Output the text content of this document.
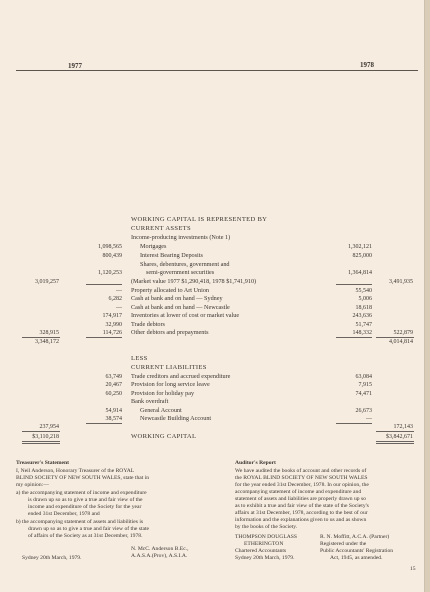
1977	1978
WORKING CAPITAL IS REPRESENTED BY
CURRENT ASSETS
Income-producing investments (Note 1)
Mortgages
Interest Bearing Deposits
Shares, debentures, government and
semi-government securities
(Market value 1977 $1,290,418, 1978 $1,741,910)
Property allocated to Art Union
Cash at bank and on hand — Sydney
Cash at bank and on hand — Newcastle
Inventories at lower of cost or market value
Trade debtors
Other debtors and prepayments
LESS
CURRENT LIABILITIES
Trade creditors and accrued expenditure
Provision for long service leave
Provision for holiday pay
Bank overdraft
General Account
Newcastle Building Account
WORKING CAPITAL
1,098,565
800,439
1,120,253
3,019,257
—
6,282
—
174,917
32,990
114,726
328,915
3,348,172
63,749
20,467
60,250
54,914
38,574
237,954
$3,110,218
1,302,121
825,000
1,364,814
3,491,935
55,540
5,006
18,618
243,636
51,747
148,332	522,879
4,014,814
63,084
7,915
74,471
26,673
—
172,143
$3,842,671
Treasurer's Statement
I, Neil Anderson, Honorary Treasurer of the ROYAL
BLIND SOCIETY OF NEW SOUTH WALES, state that in
my opinion:—
a) the accompanying statement of income and expenditure
is drawn up so as to give a true and fair view of the
income and expenditure of the Society for the year
ended 31st December, 1978 and
b) the accompanying statement of assets and liabilities is
drawn up so as to give a true and fair view of the state
of affairs of the Society as at 31st December, 1978.
N. McC. Anderson B.Ec.,
A.A.S.A.(Prov), A.S.I.A.
Sydney 20th March, 1979.
Auditor's Report
We have audited the books of account and other records of
the ROYAL BLIND SOCIETY OF NEW SOUTH WALES
for the year ended 31st December, 1978. In our opinion, the
accompanying statement of income and expenditure and
statement of assets and liabilities are properly drawn up so
as to exhibit a true and fair view of the state of the Society's
affairs at 31st December, 1978, according to the best of our
information and the explanations given to us and as shown
by the books of the Society.
THOMPSON DOUGLASS
ETHERINGTON
Chartered Accountants
Sydney 20th March, 1979.
R. N. Moffitt, A.C.A. (Partner)
Registered under the
Public Accountants' Registration
Act, 1945, as amended.
15
